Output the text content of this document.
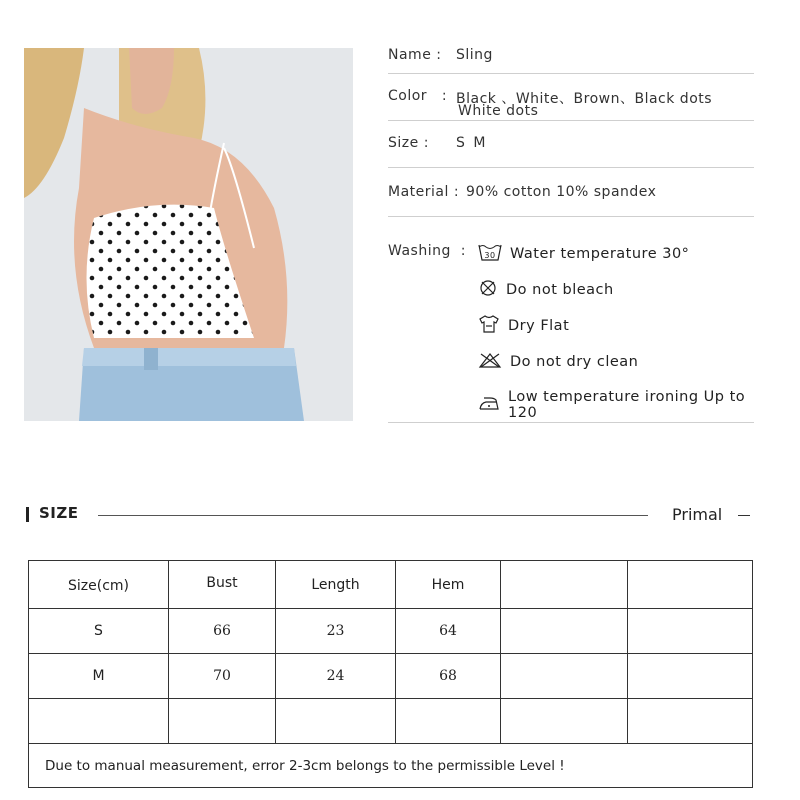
Name : Sling
Color   : Black 、White、Brown、Black dots
White dots
Size : S M
Material : 90% cotton 10% spandex
Washing  : 30 Water temperature 30°
Do not bleach
Dry Flat
Do not dry clean
Low temperature ironing Up to 120
SIZE	Primal
Size(cm)	Bust	Length	Hem		
S	66	23	64		
M	70	24	68		

Due to manual measurement, error 2-3cm belongs to the permissible Level !					
